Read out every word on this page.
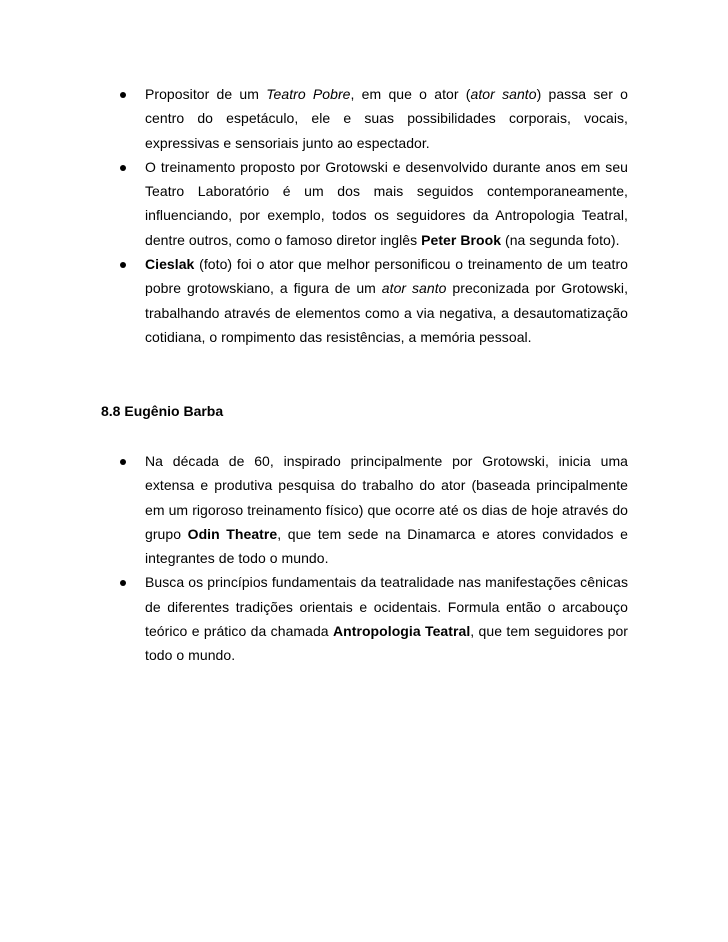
Propositor de um Teatro Pobre, em que o ator (ator santo) passa ser o centro do espetáculo, ele e suas possibilidades corporais, vocais, expressivas e sensoriais junto ao espectador.
O treinamento proposto por Grotowski e desenvolvido durante anos em seu Teatro Laboratório é um dos mais seguidos contemporaneamente, influenciando, por exemplo, todos os seguidores da Antropologia Teatral, dentre outros, como o famoso diretor inglês Peter Brook (na segunda foto).
Cieslak (foto) foi o ator que melhor personificou o treinamento de um teatro pobre grotowskiano, a figura de um ator santo preconizada por Grotowski, trabalhando através de elementos como a via negativa, a desautomatização cotidiana, o rompimento das resistências, a memória pessoal.
8.8 Eugênio Barba
Na década de 60, inspirado principalmente por Grotowski, inicia uma extensa e produtiva pesquisa do trabalho do ator (baseada principalmente em um rigoroso treinamento físico) que ocorre até os dias de hoje através do grupo Odin Theatre, que tem sede na Dinamarca e atores convidados e integrantes de todo o mundo.
Busca os princípios fundamentais da teatralidade nas manifestações cênicas de diferentes tradições orientais e ocidentais. Formula então o arcabouço teórico e prático da chamada Antropologia Teatral, que tem seguidores por todo o mundo.
